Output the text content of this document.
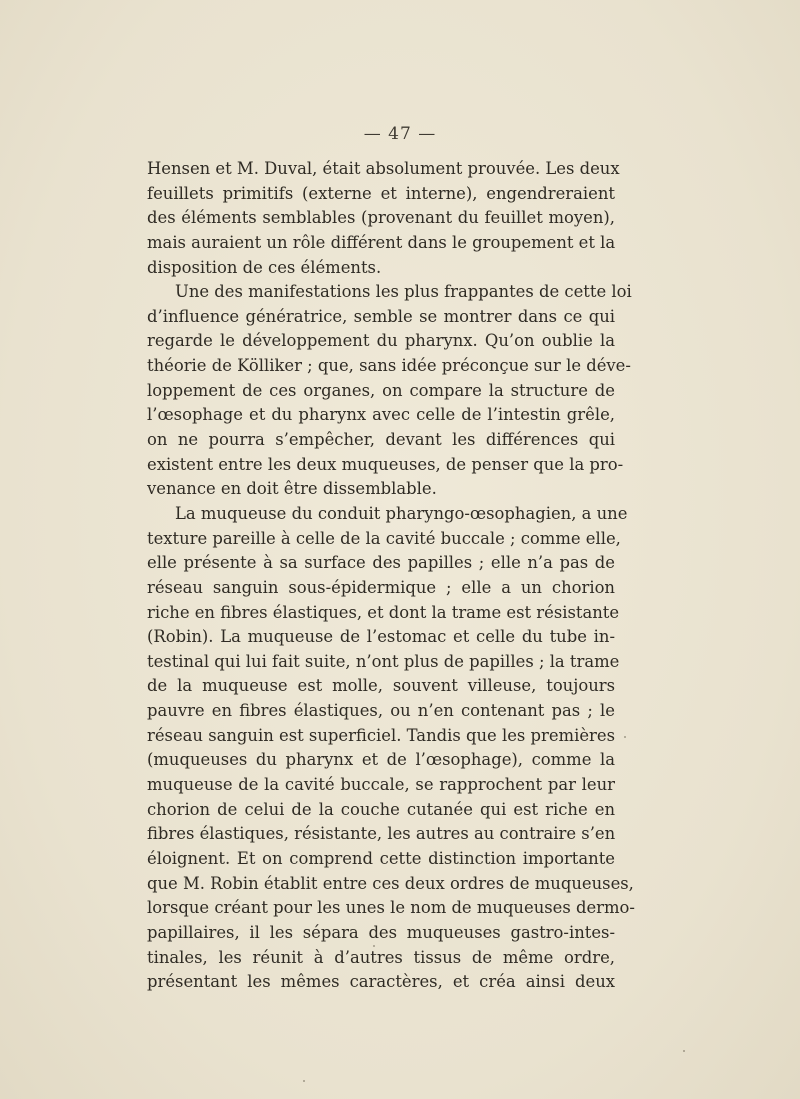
— 47 —
Hensen et M. Duval, était absolument prouvée. Les deux
feuillets primitifs (externe et interne), engendreraient
des éléments semblables (provenant du feuillet moyen),
mais auraient un rôle différent dans le groupement et la
disposition de ces éléments.
Une des manifestations les plus frappantes de cette loi
d’influence génératrice, semble se montrer dans ce qui
regarde le développement du pharynx. Qu’on oublie la
théorie de Kölliker ; que, sans idée préconçue sur le déve-
loppement de ces organes, on compare la structure de
l’œsophage et du pharynx avec celle de l’intestin grêle,
on ne pourra s’empêcher, devant les différences qui
existent entre les deux muqueuses, de penser que la pro-
venance en doit être dissemblable.
La muqueuse du conduit pharyngo-œsophagien, a une
texture pareille à celle de la cavité buccale ; comme elle,
elle présente à sa surface des papilles ; elle n’a pas de
réseau sanguin sous-épidermique ; elle a un chorion
riche en fibres élastiques, et dont la trame est résistante
(Robin). La muqueuse de l’estomac et celle du tube in-
testinal qui lui fait suite, n’ont plus de papilles ; la trame
de la muqueuse est molle, souvent villeuse, toujours
pauvre en fibres élastiques, ou n’en contenant pas ; le
réseau sanguin est superficiel. Tandis que les premières
(muqueuses du pharynx et de l’œsophage), comme la
muqueuse de la cavité buccale, se rapprochent par leur
chorion de celui de la couche cutanée qui est riche en
fibres élastiques, résistante, les autres au contraire s’en
éloignent. Et on comprend cette distinction importante
que M. Robin établit entre ces deux ordres de muqueuses,
lorsque créant pour les unes le nom de muqueuses dermo-
papillaires, il les sépara des muqueuses gastro-intes-
tinales, les réunit à d’autres tissus de même ordre,
présentant les mêmes caractères, et créa ainsi deux
